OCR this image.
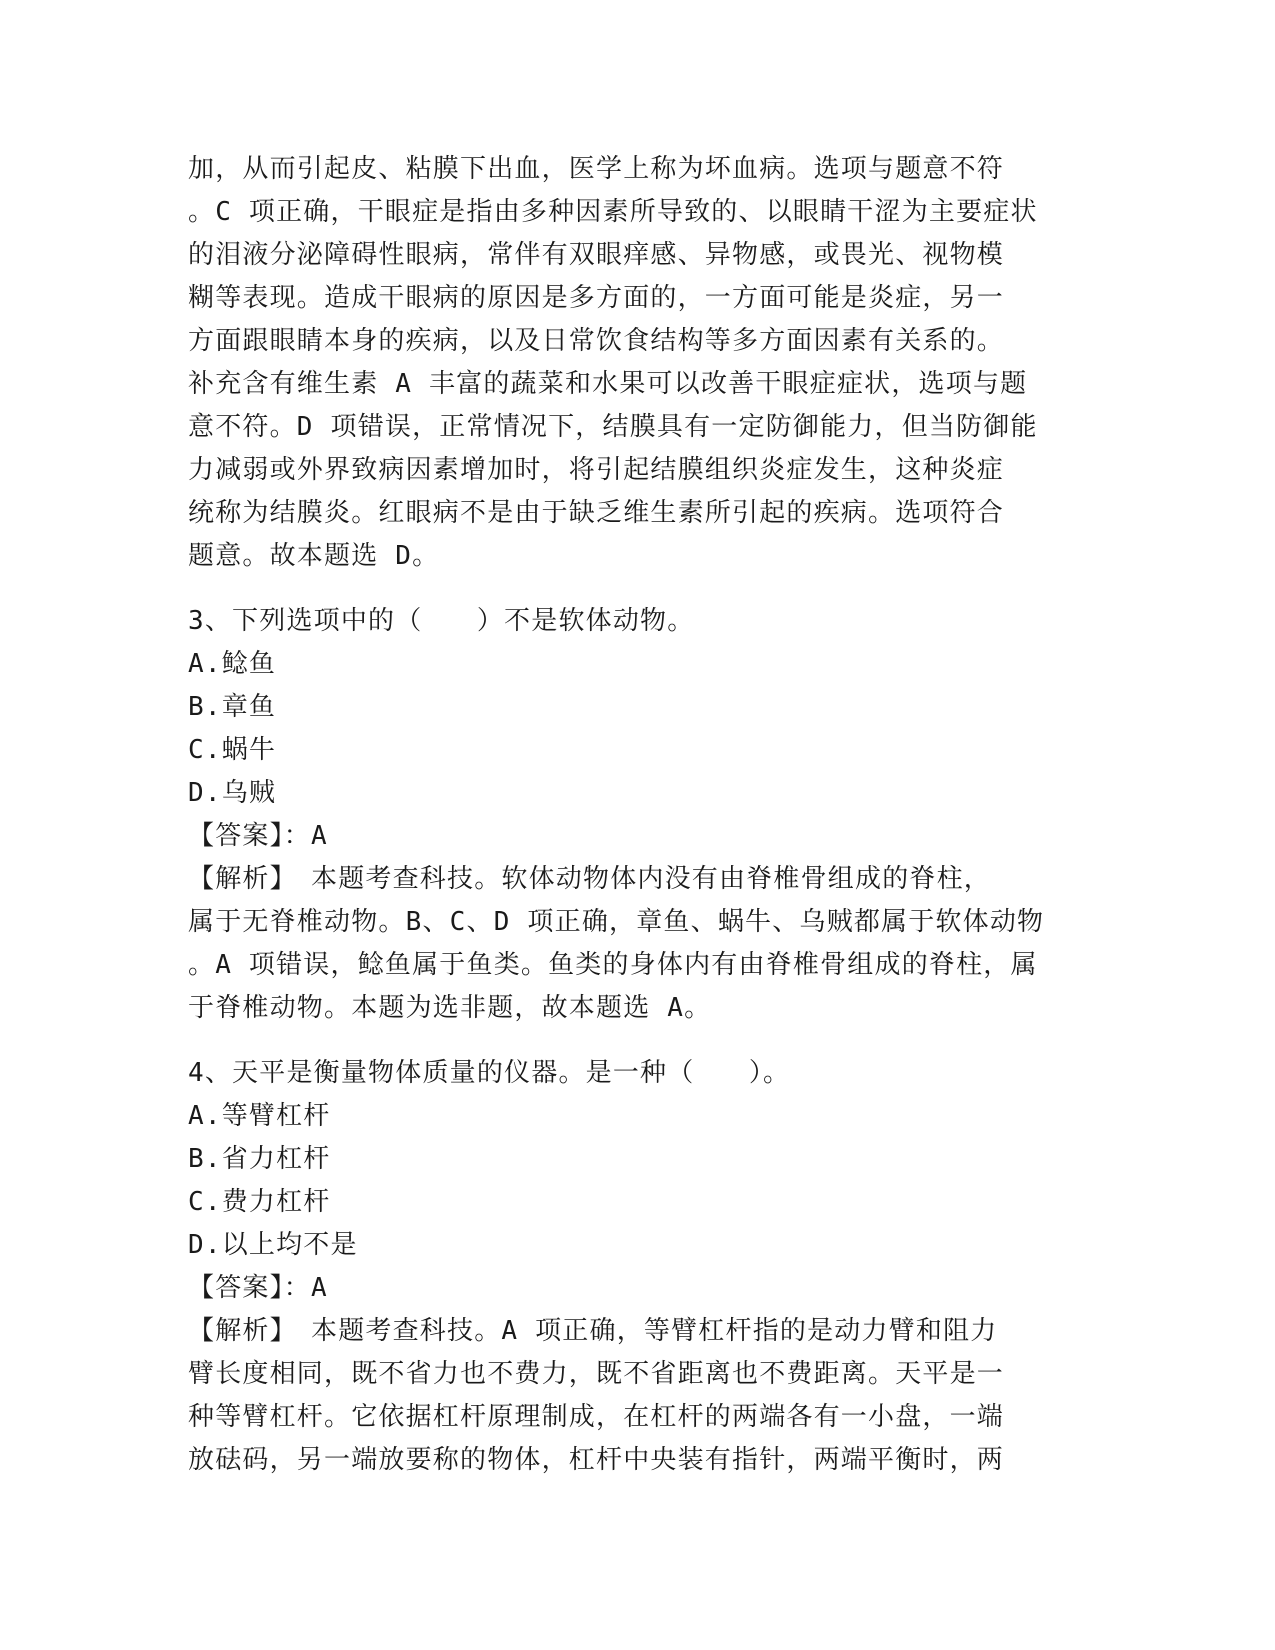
加，从而引起皮、粘膜下出血，医学上称为坏血病。选项与题意不符
。C 项正确，干眼症是指由多种因素所导致的、以眼睛干涩为主要症状
的泪液分泌障碍性眼病，常伴有双眼痒感、异物感，或畏光、视物模
糊等表现。造成干眼病的原因是多方面的，一方面可能是炎症，另一
方面跟眼睛本身的疾病，以及日常饮食结构等多方面因素有关系的。
补充含有维生素 A 丰富的蔬菜和水果可以改善干眼症症状，选项与题
意不符。D 项错误，正常情况下，结膜具有一定防御能力，但当防御能
力减弱或外界致病因素增加时，将引起结膜组织炎症发生，这种炎症
统称为结膜炎。红眼病不是由于缺乏维生素所引起的疾病。选项符合
题意。故本题选 D。
3、下列选项中的（　　）不是软体动物。
A.鲶鱼
B.章鱼
C.蜗牛
D.乌贼
【答案】：A
【解析】　本题考查科技。软体动物体内没有由脊椎骨组成的脊柱，
属于无脊椎动物。B、C、D 项正确，章鱼、蜗牛、乌贼都属于软体动物
。A 项错误，鲶鱼属于鱼类。鱼类的身体内有由脊椎骨组成的脊柱，属
于脊椎动物。本题为选非题，故本题选 A。
4、天平是衡量物体质量的仪器。是一种（　　）。
A.等臂杠杆
B.省力杠杆
C.费力杠杆
D.以上均不是
【答案】：A
【解析】　本题考查科技。A 项正确，等臂杠杆指的是动力臂和阻力
臂长度相同，既不省力也不费力，既不省距离也不费距离。天平是一
种等臂杠杆。它依据杠杆原理制成，在杠杆的两端各有一小盘，一端
放砝码，另一端放要称的物体，杠杆中央装有指针，两端平衡时，两
